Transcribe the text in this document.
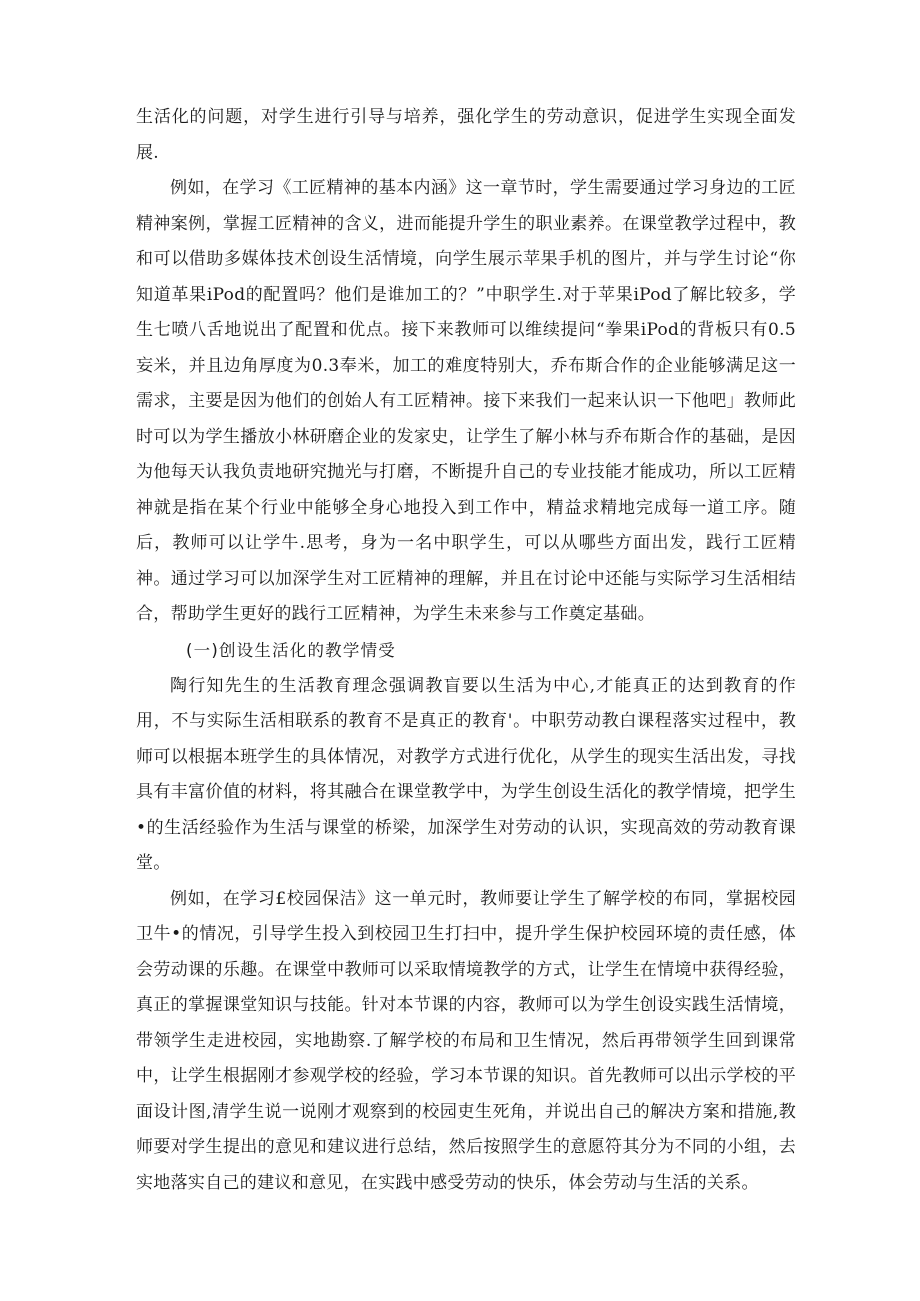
生活化的问题，对学生进行引导与培养，强化学生的劳动意识，促进学生实现全面发展.

例如，在学习《工匠精神的基本内涵》这一章节时，学生需要通过学习身边的工匠精神案例，掌握工匠精神的含义，进而能提升学生的职业素养。在课堂教学过程中，教和可以借助多媒体技术创设生活情境，向学生展示苹果手机的图片，并与学生讨论“你知道革果iPod的配置吗？他们是谁加工的？”中职学生.对于苹果iPod了解比较多，学生七喷八舌地说出了配置和优点。接下来教师可以维续提问“拳果iPod的背板只有0.5妄米，并且边角厚度为0.3奉米，加工的难度特别大，乔布斯合作的企业能够满足这一需求，主要是因为他们的创始人有工匠精神。接下来我们一起来认识一下他吧」教师此时可以为学生播放小林研磨企业的发家史，让学生了解小林与乔布斯合作的基础，是因为他每天认我负责地研究抛光与打磨，不断提升自己的专业技能才能成功，所以工匠精神就是指在某个行业中能够全身心地投入到工作中，精益求精地完成每一道工序。随后，教师可以让学牛.思考，身为一名中职学生，可以从哪些方面出发，践行工匠精神。通过学习可以加深学生对工匠精神的理解，并且在讨论中还能与实际学习生活相结合，帮助学生更好的践行工匠精神，为学生未来参与工作奠定基础。

(一)创设生活化的教学情受

陶行知先生的生活教育理念强调教盲要以生活为中心,才能真正的达到教育的作用，不与实际生活相联系的教育不是真正的教育'。中职劳动教白课程落实过程中，教师可以根据本班学生的具体情况，对教学方式进行优化，从学生的现实生活出发，寻找具有丰富价值的材料，将其融合在课堂教学中，为学生创设生活化的教学情境，把学生•的生活经验作为生活与课堂的桥梁，加深学生对劳动的认识，实现高效的劳动教育课堂。

例如，在学习£校园保洁》这一单元时，教师要让学生了解学校的布同，掌据校园卫牛•的情况，引导学生投入到校园卫生打扫中，提升学生保护校园环境的责任感，体会劳动课的乐趣。在课堂中教师可以采取情境教学的方式，让学生在情境中获得经验，真正的掌握课堂知识与技能。针对本节课的内容，教师可以为学生创设实践生活情境，带领学生走进校园，实地勘察.了解学校的布局和卫生情况，然后再带领学生回到课常中，让学生根据刚才参观学校的经验，学习本节课的知识。首先教师可以出示学校的平面设计图,清学生说一说刚才观察到的校园吏生死角，并说出自己的解决方案和措施,教师要对学生提出的意见和建议进行总结，然后按照学生的意愿符其分为不同的小组，去实地落实自己的建议和意见，在实践中感受劳动的快乐，体会劳动与生活的关系。
